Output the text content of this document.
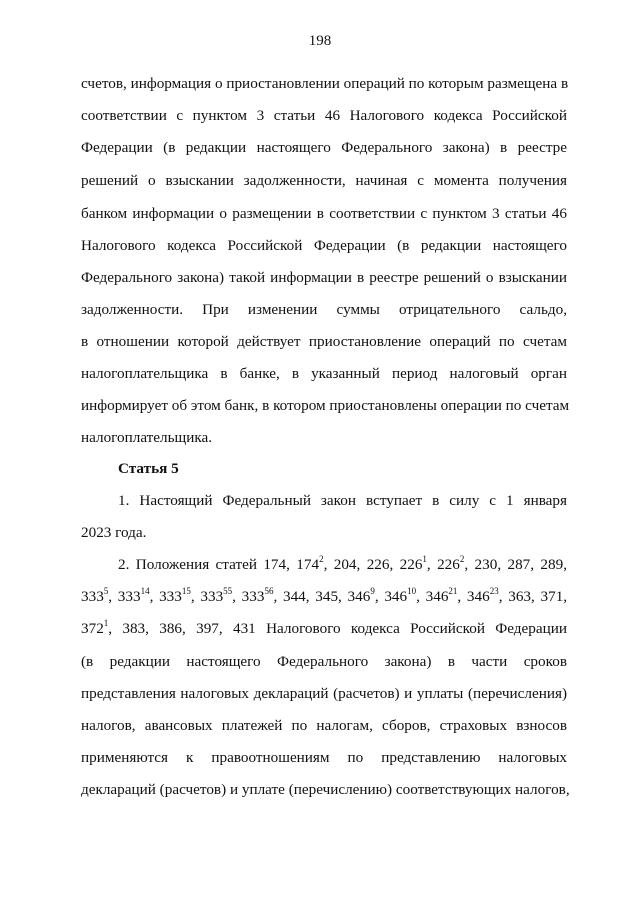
198
счетов, информация о приостановлении операций по которым размещена в
соответствии с пунктом 3 статьи 46 Налогового кодекса Российской
Федерации (в редакции настоящего Федерального закона) в реестре
решений о взыскании задолженности, начиная с момента получения
банком информации о размещении в соответствии с пунктом 3 статьи 46
Налогового кодекса Российской Федерации (в редакции настоящего
Федерального закона) такой информации в реестре решений о взыскании
задолженности. При изменении суммы отрицательного сальдо,
в отношении которой действует приостановление операций по счетам
налогоплательщика в банке, в указанный период налоговый орган
информирует об этом банк, в котором приостановлены операции по счетам
налогоплательщика.
Статья 5
1. Настоящий Федеральный закон вступает в силу с 1 января
2023 года.
2. Положения статей 174, $174^2$, 204, 226, $226^1$, $226^2$, 230, 287, 289,
$333^5$, $333^{14}$, $333^{15}$, $333^{55}$, $333^{56}$, 344, 345, $346^9$, $346^{10}$, $346^{21}$, $346^{23}$, 363, 371,
$372^1$, 383, 386, 397, 431 Налогового кодекса Российской Федерации
(в редакции настоящего Федерального закона) в части сроков
представления налоговых деклараций (расчетов) и уплаты (перечисления)
налогов, авансовых платежей по налогам, сборов, страховых взносов
применяются к правоотношениям по представлению налоговых
деклараций (расчетов) и уплате (перечислению) соответствующих налогов,
